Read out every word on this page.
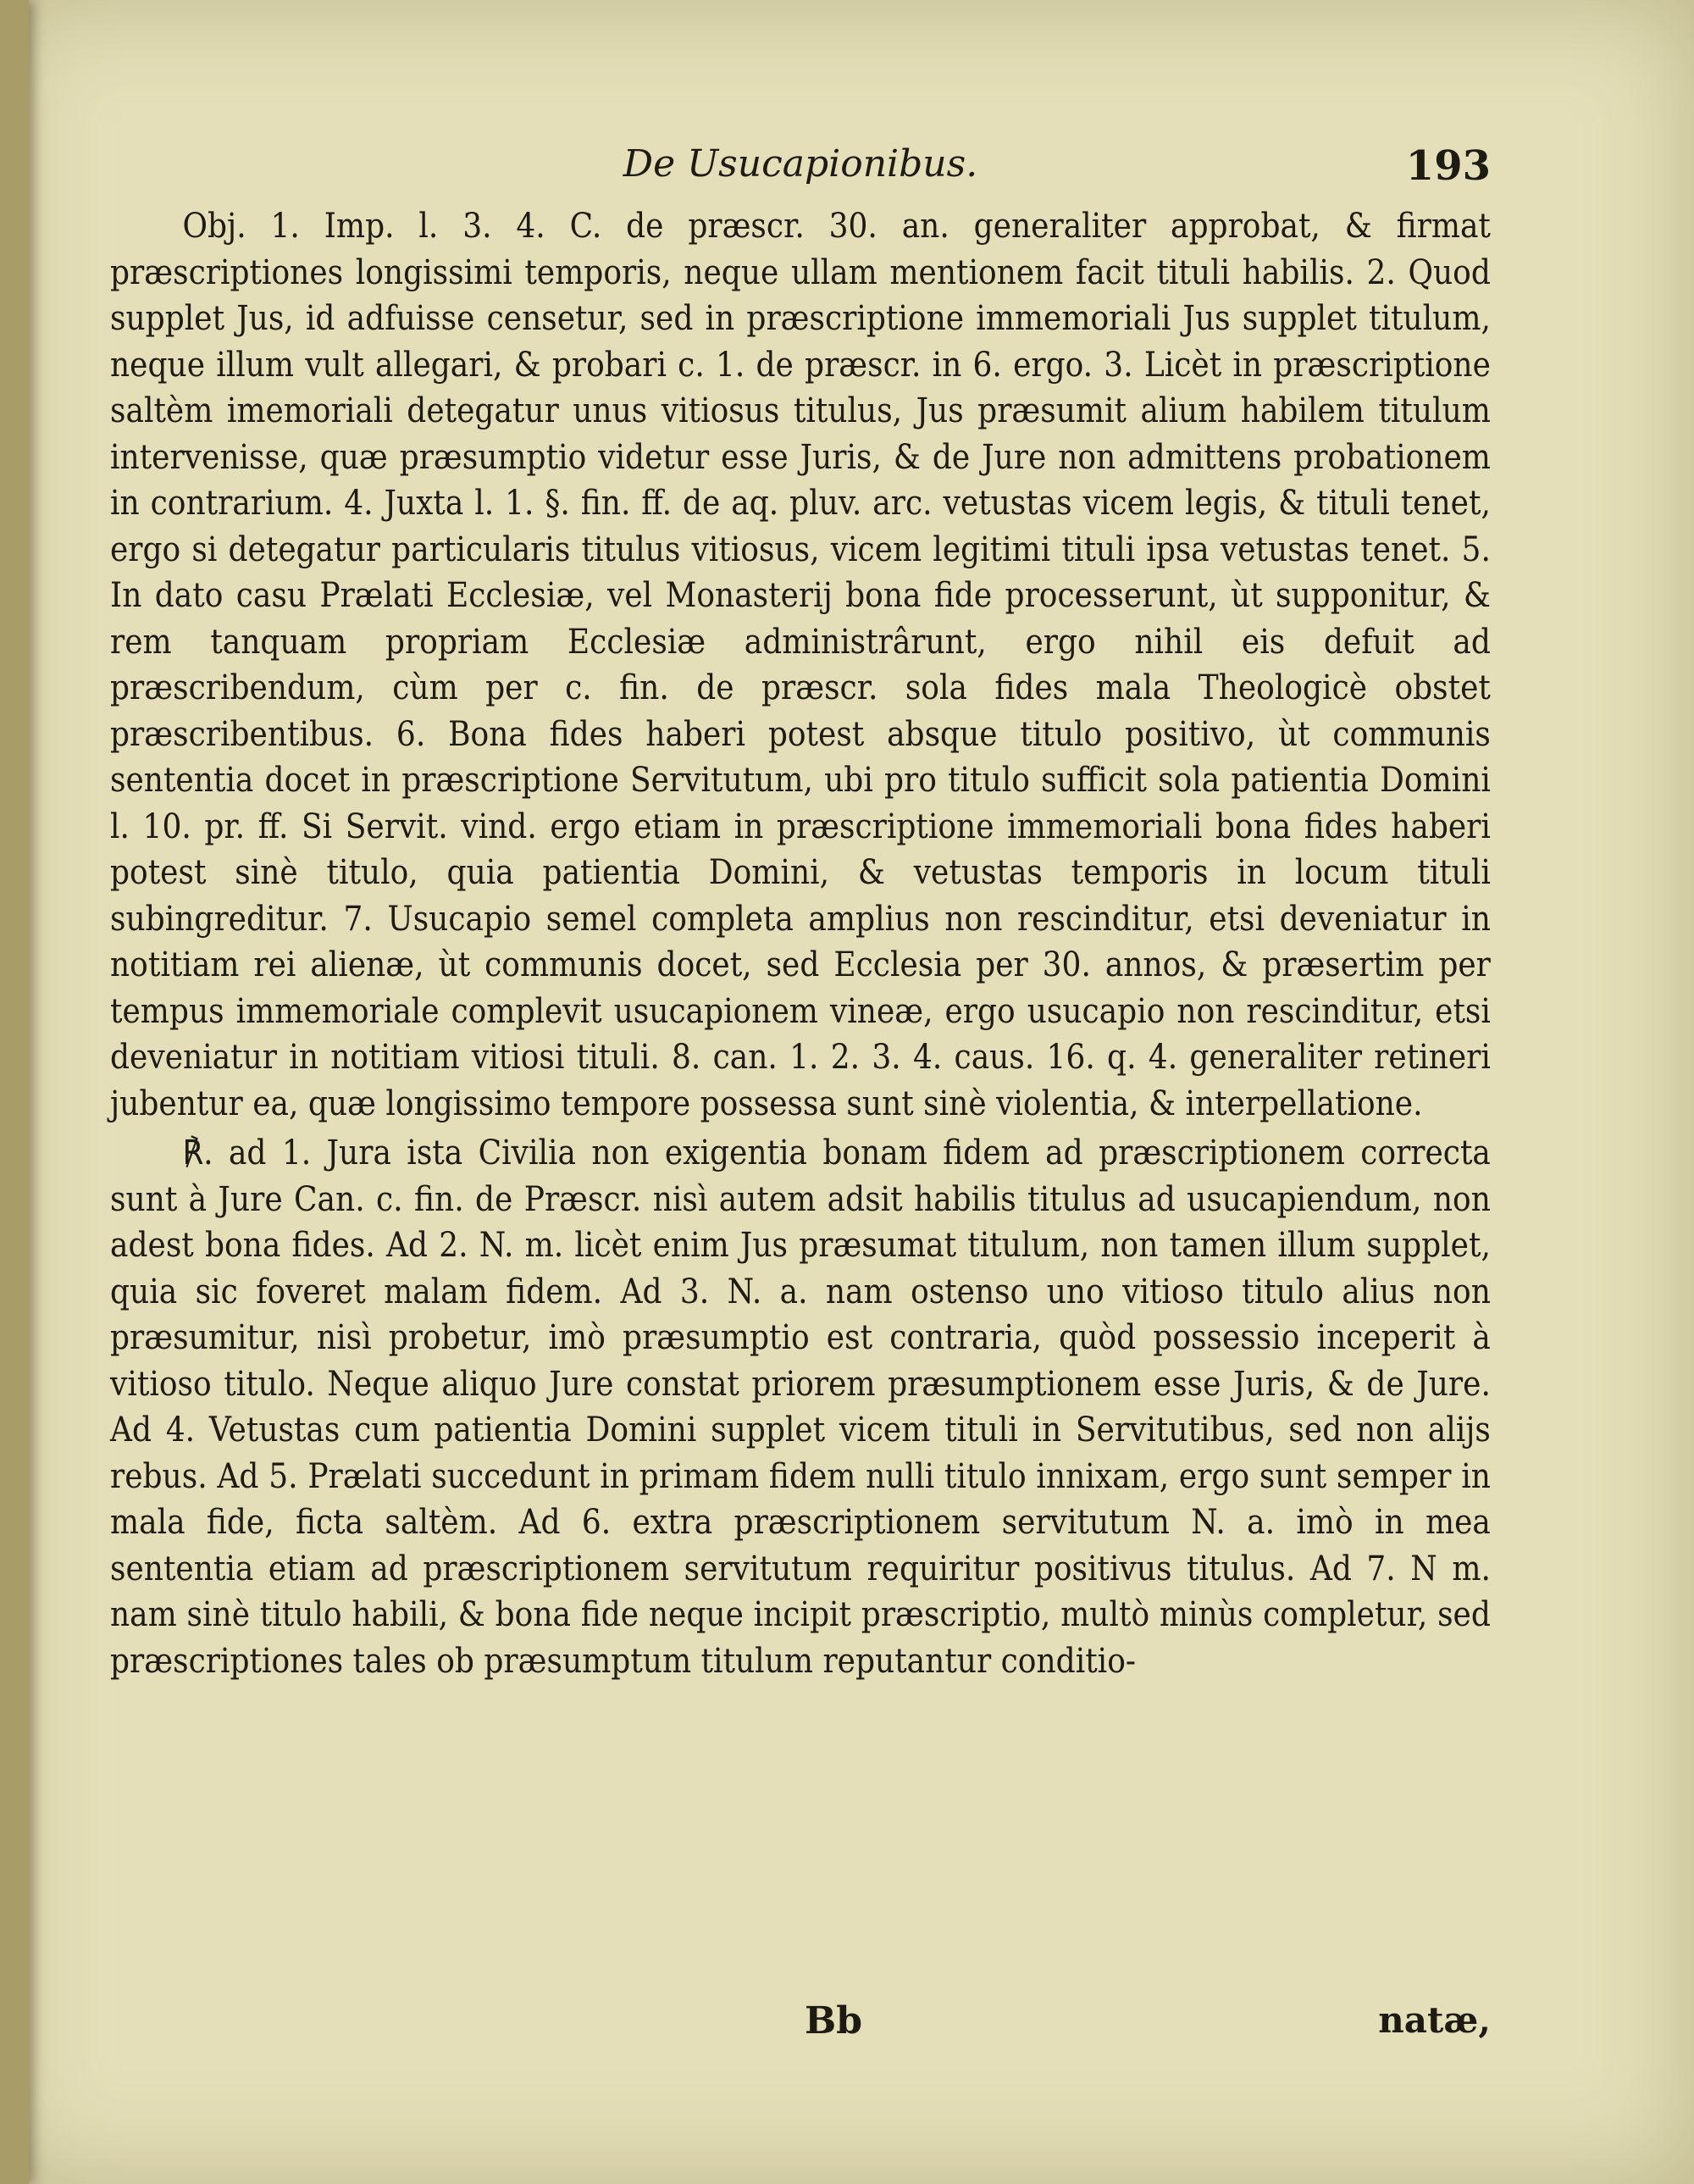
De Usucapionibus.	193

Obj. 1. Imp. l. 3. 4. C. de præscr. 30. an. generaliter approbat, & firmat præscriptiones longissimi temporis, neque ullam mentionem facit tituli habilis. 2. Quod supplet Jus, id adfuisse censetur, sed in præscriptione immemoriali Jus supplet titulum, neque illum vult allegari, & probari c. 1. de præscr. in 6. ergo. 3. Licèt in præscriptione saltèm imemoriali detegatur unus vitiosus titulus, Jus præsumit alium habilem titulum intervenisse, quæ præsumptio videtur esse Juris, & de Jure non admittens probationem in contrarium. 4. Juxta l. 1. §. fin. ff. de aq. pluv. arc. vetustas vicem legis, & tituli tenet, ergo si detegatur particularis titulus vitiosus, vicem legitimi tituli ipsa vetustas tenet. 5. In dato casu Prælati Ecclesiæ, vel Monasterij bona fide processerunt, ùt supponitur, & rem tanquam propriam Ecclesiæ administrârunt, ergo nihil eis defuit ad præscribendum, cùm per c. fin. de præscr. sola fides mala Theologicè obstet præscribentibus. 6. Bona fides haberi potest absque titulo positivo, ùt communis sententia docet in præscriptione Servitutum, ubi pro titulo sufficit sola patientia Domini l. 10. pr. ff. Si Servit. vind. ergo etiam in præscriptione immemoriali bona fides haberi potest sinè titulo, quia patientia Domini, & vetustas temporis in locum tituli subingreditur. 7. Usucapio semel completa amplius non rescinditur, etsi deveniatur in notitiam rei alienæ, ùt communis docet, sed Ecclesia per 30. annos, & præsertim per tempus immemoriale complevit usucapionem vineæ, ergo usucapio non rescinditur, etsi deveniatur in notitiam vitiosi tituli. 8. can. 1. 2. 3. 4. caus. 16. q. 4. generaliter retineri jubentur ea, quæ longissimo tempore possessa sunt sinè violentia, & interpellatione.

℟. ad 1. Jura ista Civilia non exigentia bonam fidem ad præscriptionem correcta sunt à Jure Can. c. fin. de Præscr. nisì autem adsit habilis titulus ad usucapiendum, non adest bona fides. Ad 2. N. m. licèt enim Jus præsumat titulum, non tamen illum supplet, quia sic foveret malam fidem. Ad 3. N. a. nam ostenso uno vitioso titulo alius non præsumitur, nisì probetur, imò præsumptio est contraria, quòd possessio inceperit à vitioso titulo. Neque aliquo Jure constat priorem præsumptionem esse Juris, & de Jure. Ad 4. Vetustas cum patientia Domini supplet vicem tituli in Servitutibus, sed non alijs rebus. Ad 5. Prælati succedunt in primam fidem nulli titulo innixam, ergo sunt semper in mala fide, ficta saltèm. Ad 6. extra præscriptionem servitutum N. a. imò in mea sententia etiam ad præscriptionem servitutum requiritur positivus titulus. Ad 7. N m. nam sinè titulo habili, & bona fide neque incipit præscriptio, multò minùs completur, sed præscriptiones tales ob præsumptum titulum reputantur conditio-

Bb	natæ,
